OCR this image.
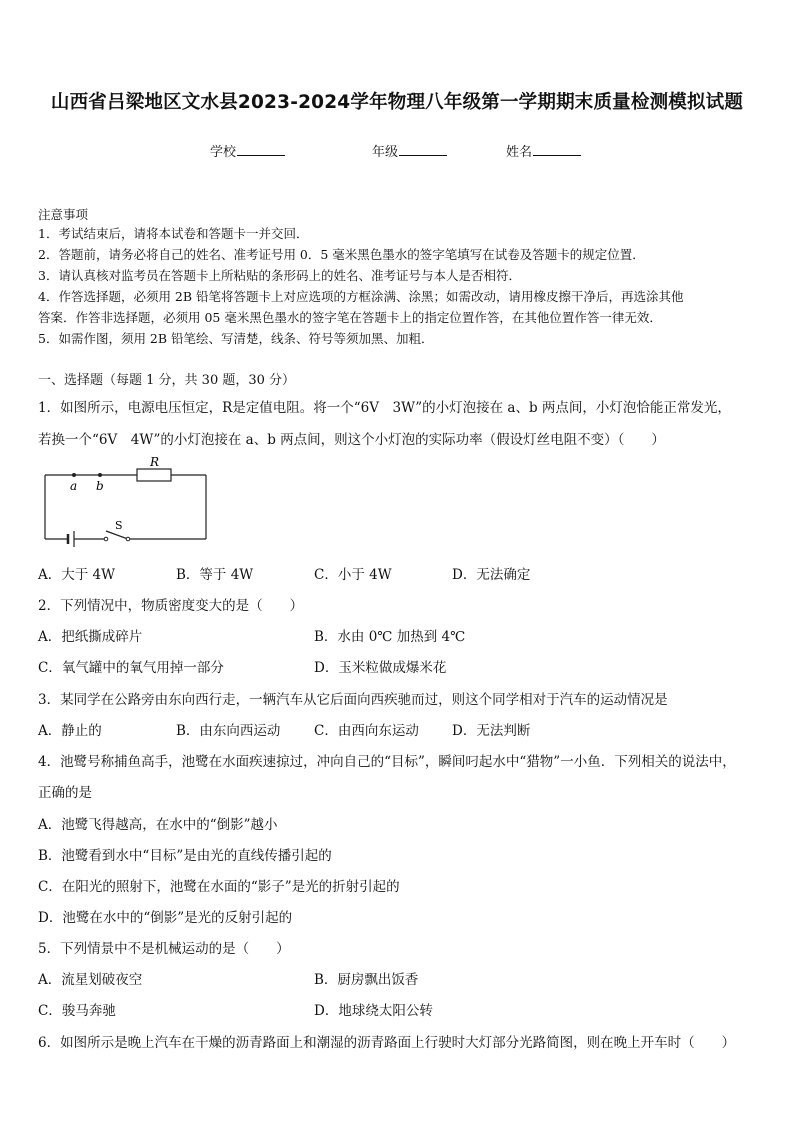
山西省吕梁地区文水县2023-2024学年物理八年级第一学期期末质量检测模拟试题
学校	年级	姓名
注意事项
1．考试结束后，请将本试卷和答题卡一并交回．
2．答题前，请务必将自己的姓名、准考证号用 0．5 毫米黑色墨水的签字笔填写在试卷及答题卡的规定位置．
3．请认真核对监考员在答题卡上所粘贴的条形码上的姓名、准考证号与本人是否相符．
4．作答选择题，必须用 2B 铅笔将答题卡上对应选项的方框涂满、涂黑；如需改动，请用橡皮擦干净后，再选涂其他
答案．作答非选择题，必须用 05 毫米黑色墨水的签字笔在答题卡上的指定位置作答，在其他位置作答一律无效．
5．如需作图，须用 2B 铅笔绘、写清楚，线条、符号等须加黑、加粗．
一、选择题（每题 1 分，共 30 题，30 分）
1．如图所示，电源电压恒定，R是定值电阻。将一个“6V　3W”的小灯泡接在 a、b 两点间，小灯泡恰能正常发光，
若换一个“6V　4W”的小灯泡接在 a、b 两点间，则这个小灯泡的实际功率（假设灯丝电阻不变）（　　）
R
a b
S
A．大于 4W	B．等于 4W	C．小于 4W	D．无法确定
2．下列情况中，物质密度变大的是（　　）
A．把纸撕成碎片	B．水由 0℃ 加热到 4℃
C．氧气罐中的氧气用掉一部分	D．玉米粒做成爆米花
3．某同学在公路旁由东向西行走，一辆汽车从它后面向西疾驰而过，则这个同学相对于汽车的运动情况是
A．静止的	B．由东向西运动 C．由西向东运动 D．无法判断
4．池鹭号称捕鱼高手，池鹭在水面疾速掠过，冲向自己的“目标”，瞬间叼起水中“猎物”一小鱼．下列相关的说法中，
正确的是
A．池鹭飞得越高，在水中的“倒影”越小
B．池鹭看到水中“目标”是由光的直线传播引起的
C．在阳光的照射下，池鹭在水面的“影子”是光的折射引起的
D．池鹭在水中的“倒影”是光的反射引起的
5．下列情景中不是机械运动的是（　　）
A．流星划破夜空	B．厨房飘出饭香
C．骏马奔驰	D．地球绕太阳公转
6．如图所示是晚上汽车在干燥的沥青路面上和潮湿的沥青路面上行驶时大灯部分光路简图，则在晚上开车时（　　）
